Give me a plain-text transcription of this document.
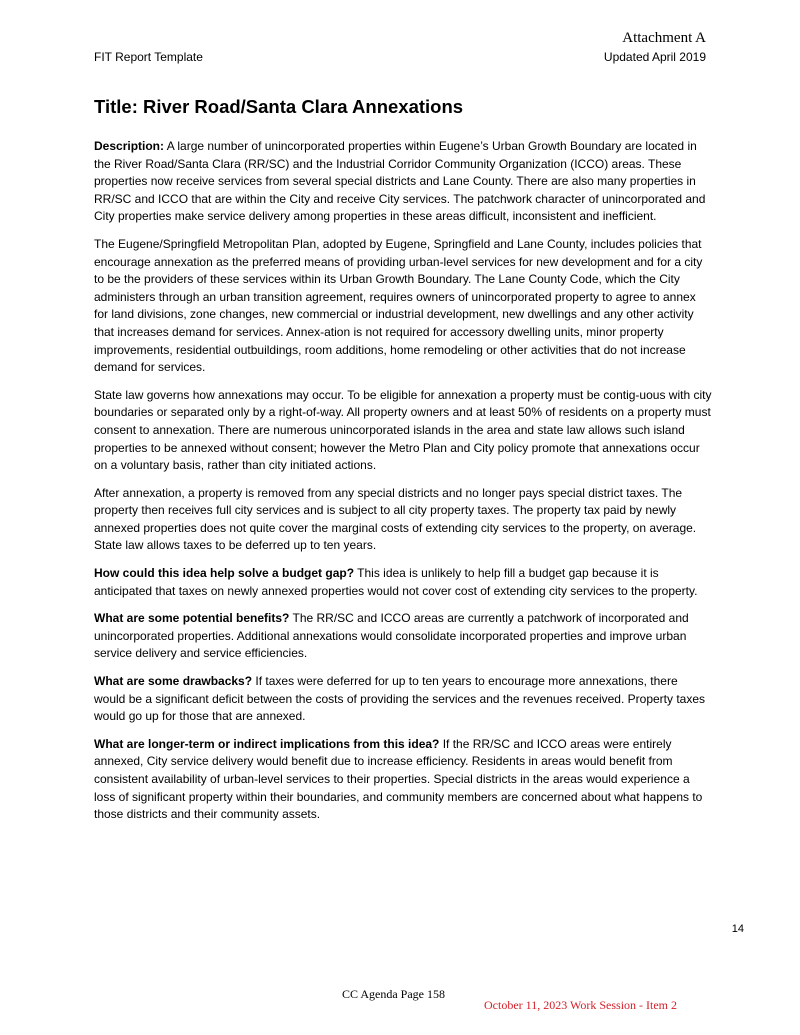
Attachment A
FIT Report Template	Updated April 2019
Title: River Road/Santa Clara Annexations

Description: A large number of unincorporated properties within Eugene’s Urban Growth Boundary are located in the River Road/Santa Clara (RR/SC) and the Industrial Corridor Community Organization (ICCO) areas. These properties now receive services from several special districts and Lane County. There are also many properties in RR/SC and ICCO that are within the City and receive City services. The patchwork character of unincorporated and City properties make service delivery among properties in these areas difficult, inconsistent and inefficient.

The Eugene/Springfield Metropolitan Plan, adopted by Eugene, Springfield and Lane County, includes policies that encourage annexation as the preferred means of providing urban-level services for new development and for a city to be the providers of these services within its Urban Growth Boundary. The Lane County Code, which the City administers through an urban transition agreement, requires owners of unincorporated property to agree to annex for land divisions, zone changes, new commercial or industrial development, new dwellings and any other activity that increases demand for services. Annex-ation is not required for accessory dwelling units, minor property improvements, residential outbuildings, room additions, home remodeling or other activities that do not increase demand for services.

State law governs how annexations may occur. To be eligible for annexation a property must be contig-uous with city boundaries or separated only by a right-of-way. All property owners and at least 50% of residents on a property must consent to annexation. There are numerous unincorporated islands in the area and state law allows such island properties to be annexed without consent; however the Metro Plan and City policy promote that annexations occur on a voluntary basis, rather than city initiated actions.

After annexation, a property is removed from any special districts and no longer pays special district taxes. The property then receives full city services and is subject to all city property taxes. The property tax paid by newly annexed properties does not quite cover the marginal costs of extending city services to the property, on average. State law allows taxes to be deferred up to ten years.

How could this idea help solve a budget gap? This idea is unlikely to help fill a budget gap because it is anticipated that taxes on newly annexed properties would not cover cost of extending city services to the property.

What are some potential benefits? The RR/SC and ICCO areas are currently a patchwork of incorporated and unincorporated properties. Additional annexations would consolidate incorporated properties and improve urban service delivery and service efficiencies.

What are some drawbacks? If taxes were deferred for up to ten years to encourage more annexations, there would be a significant deficit between the costs of providing the services and the revenues received. Property taxes would go up for those that are annexed.

What are longer-term or indirect implications from this idea? If the RR/SC and ICCO areas were entirely annexed, City service delivery would benefit due to increase efficiency. Residents in areas would benefit from consistent availability of urban-level services to their properties. Special districts in the areas would experience a loss of significant property within their boundaries, and community members are concerned about what happens to those districts and their community assets.

14
CC Agenda Page 158
October 11, 2023 Work Session - Item 2
